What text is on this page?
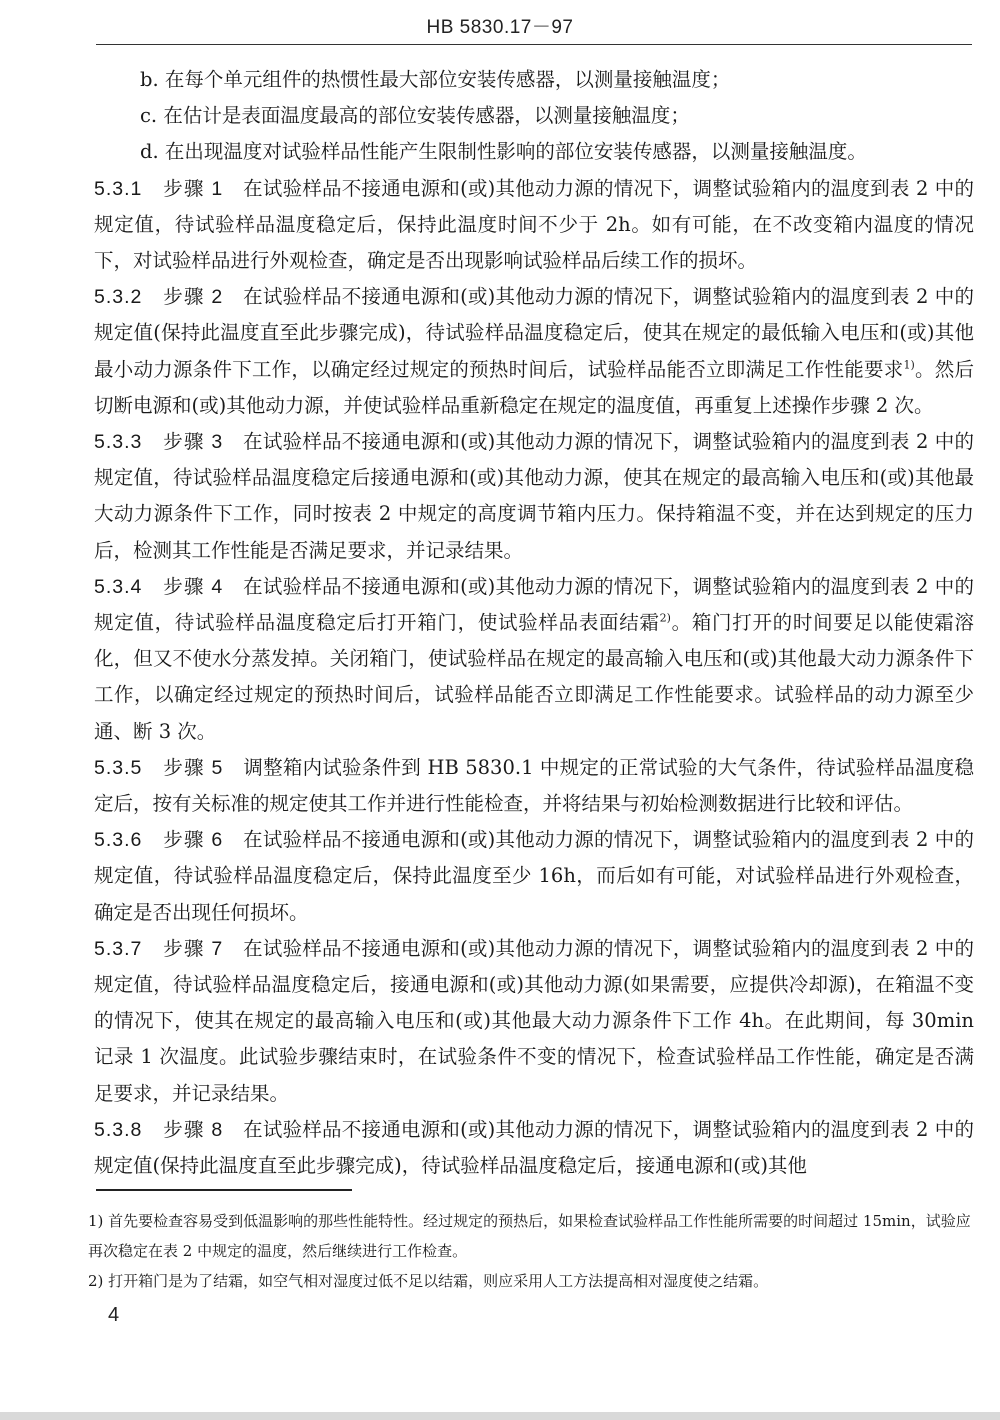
HB 5830.17－97

b. 在每个单元组件的热惯性最大部位安装传感器，以测量接触温度；

c. 在估计是表面温度最高的部位安装传感器，以测量接触温度；

d. 在出现温度对试验样品性能产生限制性影响的部位安装传感器，以测量接触温度。

5.3.1　步骤 1　在试验样品不接通电源和(或)其他动力源的情况下，调整试验箱内的温度到表 2 中的规定值，待试验样品温度稳定后，保持此温度时间不少于 2h。如有可能，在不改变箱内温度的情况下，对试验样品进行外观检查，确定是否出现影响试验样品后续工作的损坏。

5.3.2　步骤 2　在试验样品不接通电源和(或)其他动力源的情况下，调整试验箱内的温度到表 2 中的规定值(保持此温度直至此步骤完成)，待试验样品温度稳定后，使其在规定的最低输入电压和(或)其他最小动力源条件下工作，以确定经过规定的预热时间后，试验样品能否立即满足工作性能要求$^{1)}$。然后切断电源和(或)其他动力源，并使试验样品重新稳定在规定的温度值，再重复上述操作步骤 2 次。

5.3.3　步骤 3　在试验样品不接通电源和(或)其他动力源的情况下，调整试验箱内的温度到表 2 中的规定值，待试验样品温度稳定后接通电源和(或)其他动力源，使其在规定的最高输入电压和(或)其他最大动力源条件下工作，同时按表 2 中规定的高度调节箱内压力。保持箱温不变，并在达到规定的压力后，检测其工作性能是否满足要求，并记录结果。

5.3.4　步骤 4　在试验样品不接通电源和(或)其他动力源的情况下，调整试验箱内的温度到表 2 中的规定值，待试验样品温度稳定后打开箱门，使试验样品表面结霜$^{2)}$。箱门打开的时间要足以能使霜溶化，但又不使水分蒸发掉。关闭箱门，使试验样品在规定的最高输入电压和(或)其他最大动力源条件下工作，以确定经过规定的预热时间后，试验样品能否立即满足工作性能要求。试验样品的动力源至少通、断 3 次。

5.3.5　步骤 5　调整箱内试验条件到 HB 5830.1 中规定的正常试验的大气条件，待试验样品温度稳定后，按有关标准的规定使其工作并进行性能检查，并将结果与初始检测数据进行比较和评估。

5.3.6　步骤 6　在试验样品不接通电源和(或)其他动力源的情况下，调整试验箱内的温度到表 2 中的规定值，待试验样品温度稳定后，保持此温度至少 16h，而后如有可能，对试验样品进行外观检查，确定是否出现任何损坏。

5.3.7　步骤 7　在试验样品不接通电源和(或)其他动力源的情况下，调整试验箱内的温度到表 2 中的规定值，待试验样品温度稳定后，接通电源和(或)其他动力源(如果需要，应提供冷却源)，在箱温不变的情况下，使其在规定的最高输入电压和(或)其他最大动力源条件下工作 4h。在此期间，每 30min 记录 1 次温度。此试验步骤结束时，在试验条件不变的情况下，检查试验样品工作性能，确定是否满足要求，并记录结果。

5.3.8　步骤 8　在试验样品不接通电源和(或)其他动力源的情况下，调整试验箱内的温度到表 2 中的规定值(保持此温度直至此步骤完成)，待试验样品温度稳定后，接通电源和(或)其他

1) 首先要检查容易受到低温影响的那些性能特性。经过规定的预热后，如果检查试验样品工作性能所需要的时间超过 15min，试验应再次稳定在表 2 中规定的温度，然后继续进行工作检查。

2) 打开箱门是为了结霜，如空气相对湿度过低不足以结霜，则应采用人工方法提高相对湿度使之结霜。

4
